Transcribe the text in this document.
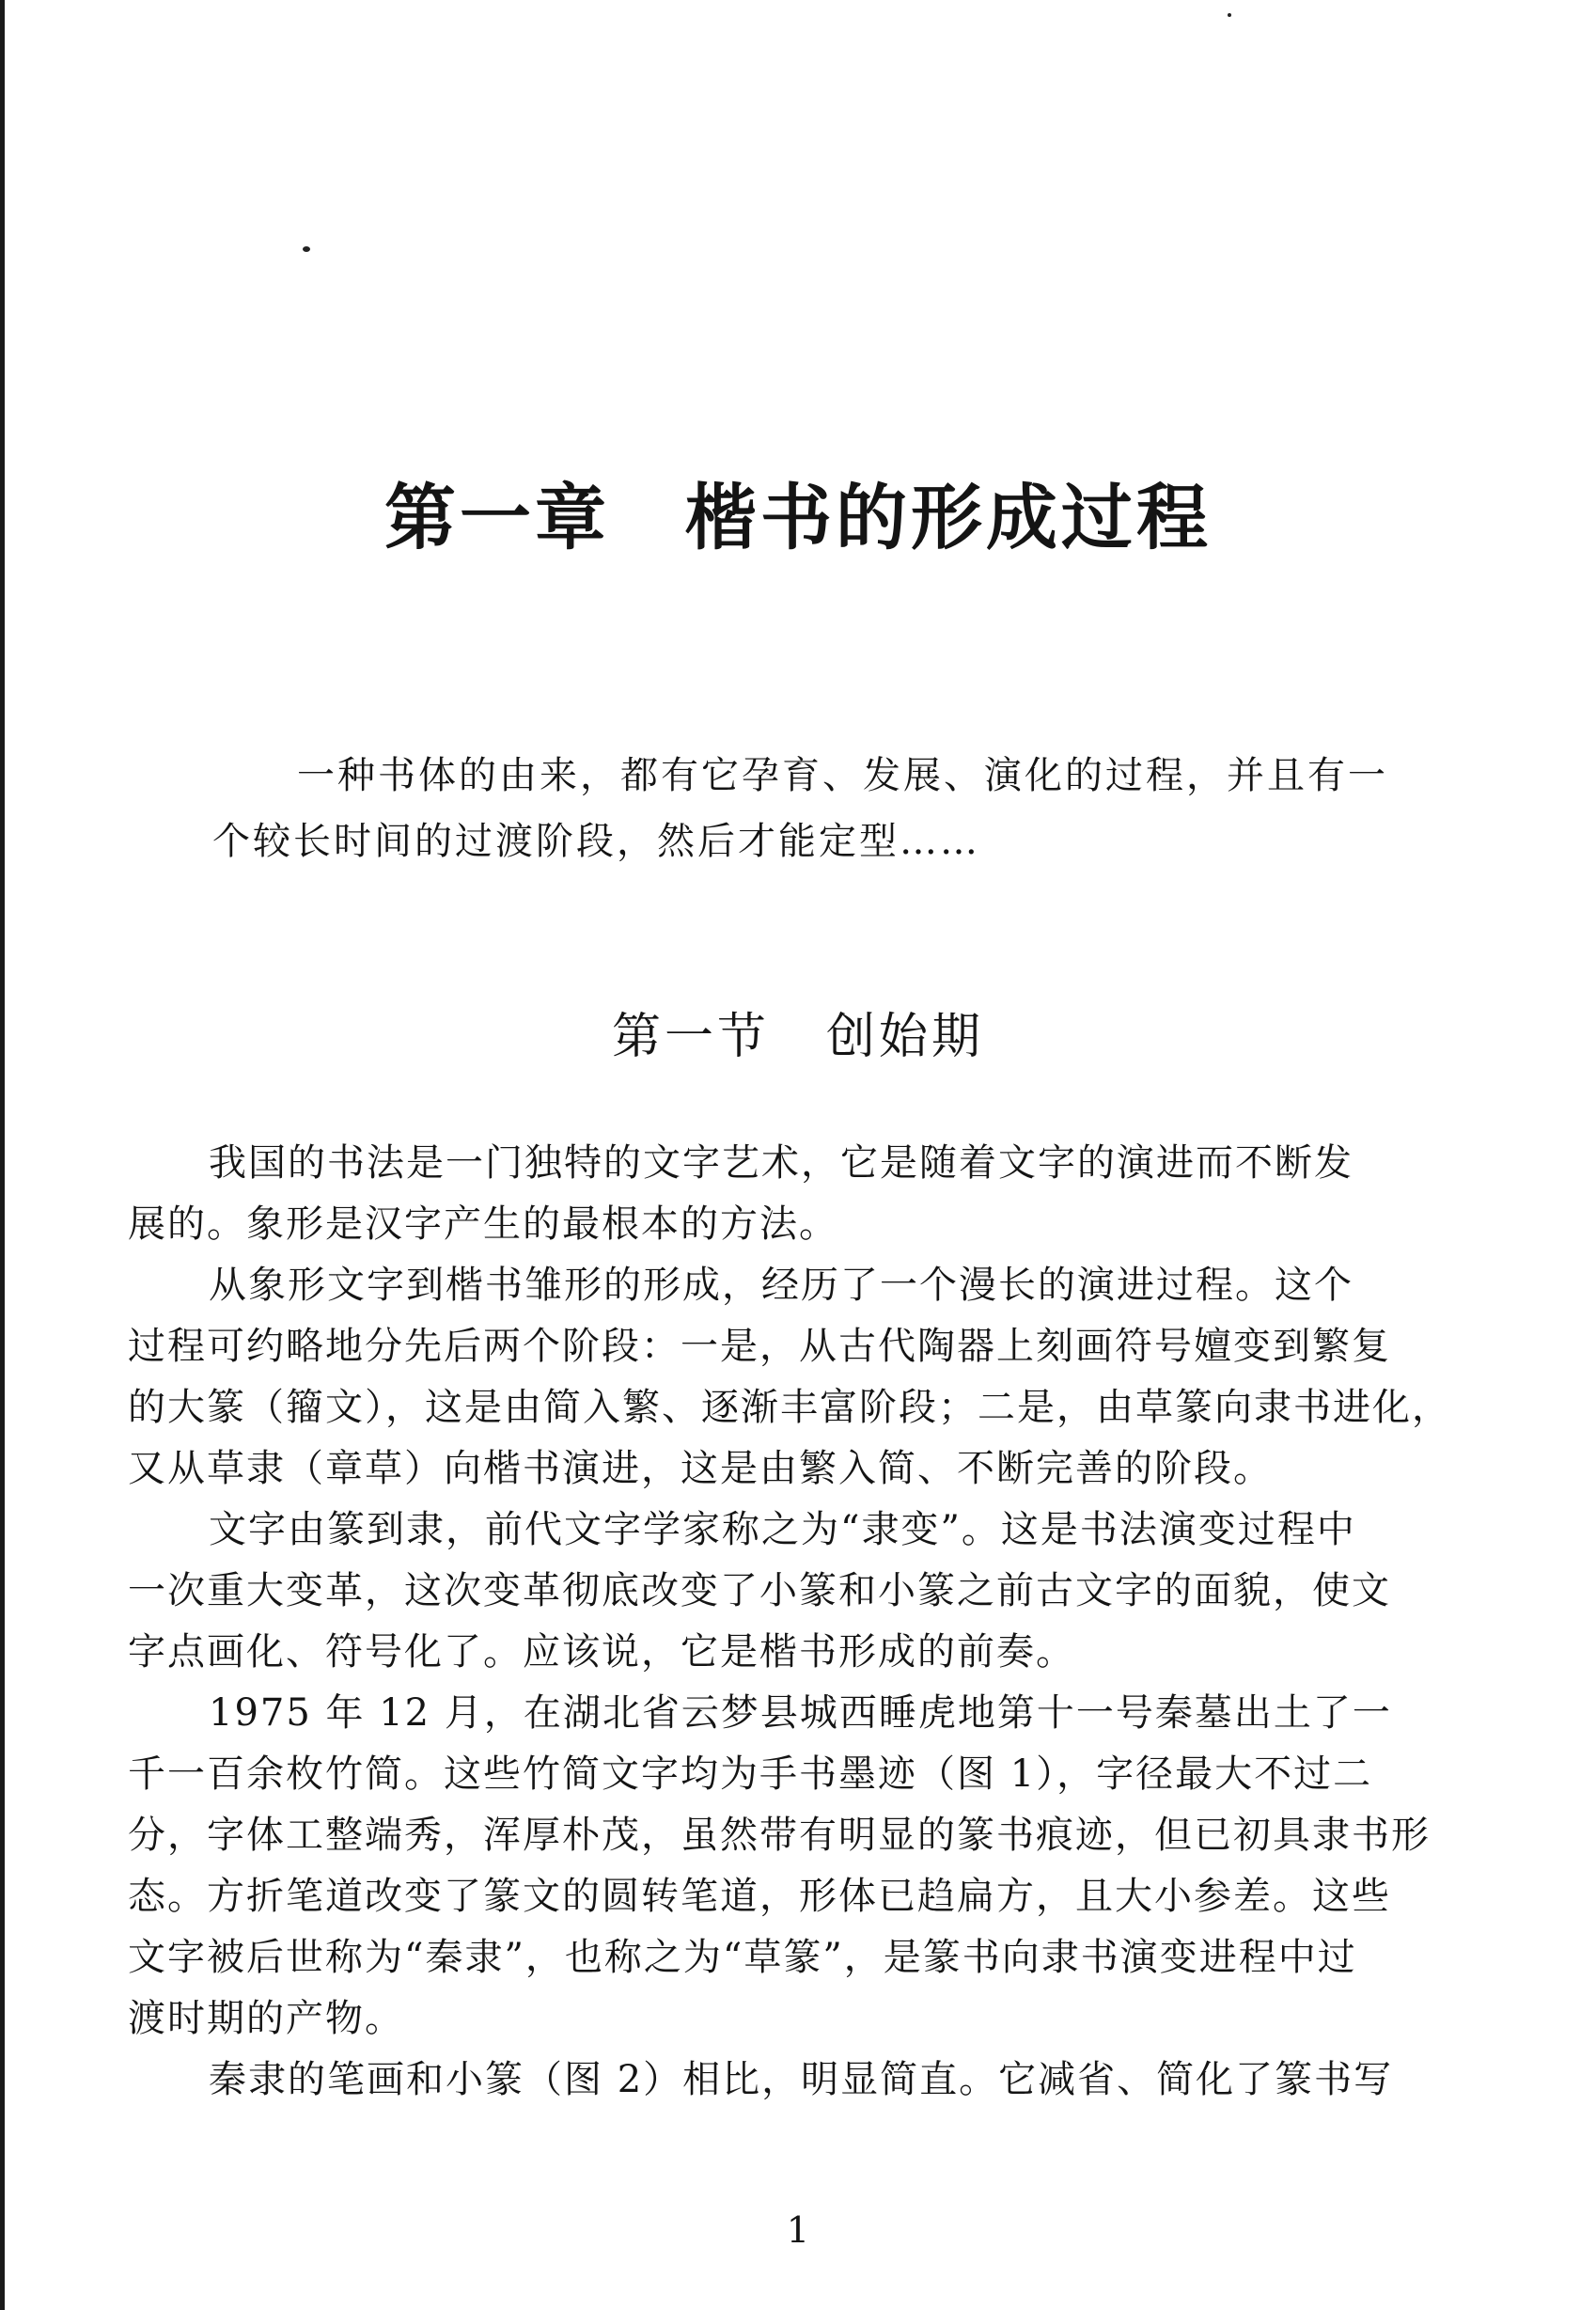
第一章 楷书的形成过程
一种书体的由来，都有它孕育、发展、演化的过程，并且有一
个较长时间的过渡阶段，然后才能定型……
第一节 创始期
我国的书法是一门独特的文字艺术，它是随着文字的演进而不断发
展的。象形是汉字产生的最根本的方法。
从象形文字到楷书雏形的形成，经历了一个漫长的演进过程。这个
过程可约略地分先后两个阶段：一是，从古代陶器上刻画符号嬗变到繁复
的大篆（籀文），这是由简入繁、逐渐丰富阶段；二是，由草篆向隶书进化，
又从草隶（章草）向楷书演进，这是由繁入简、不断完善的阶段。
文字由篆到隶，前代文字学家称之为“隶变”。这是书法演变过程中
一次重大变革，这次变革彻底改变了小篆和小篆之前古文字的面貌，使文
字点画化、符号化了。应该说，它是楷书形成的前奏。
1975 年 12 月，在湖北省云梦县城西睡虎地第十一号秦墓出土了一
千一百余枚竹简。这些竹简文字均为手书墨迹（图 1），字径最大不过二
分，字体工整端秀，浑厚朴茂，虽然带有明显的篆书痕迹，但已初具隶书形
态。方折笔道改变了篆文的圆转笔道，形体已趋扁方，且大小参差。这些
文字被后世称为“秦隶”，也称之为“草篆”，是篆书向隶书演变进程中过
渡时期的产物。
秦隶的笔画和小篆（图 2）相比，明显简直。它减省、简化了篆书写
1
